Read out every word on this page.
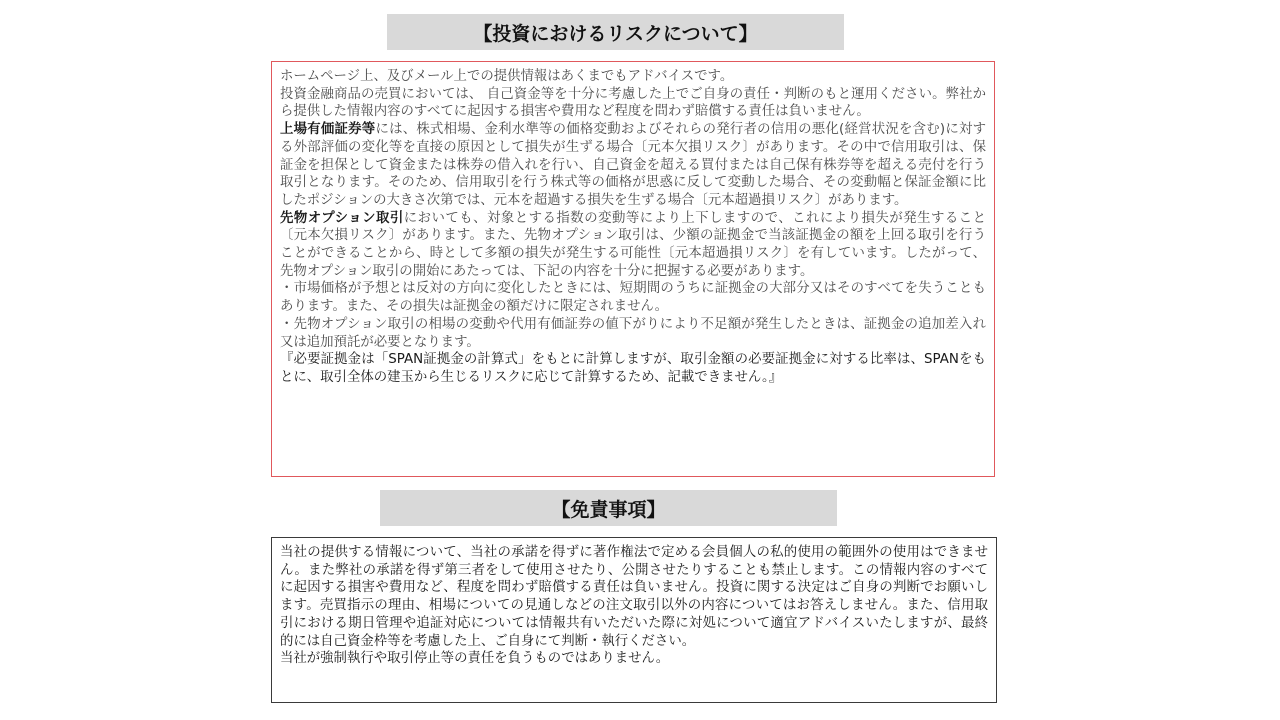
【投資におけるリスクについて】

ホームページ上、及びメール上での提供情報はあくまでもアドバイスです。

投資金融商品の売買においては、 自己資金等を十分に考慮した上でご自身の責任・判断のもと運用ください。弊社から提供した情報内容のすべてに起因する損害や費用など程度を問わず賠償する責任は負いません。

上場有価証券等には、株式相場、金利水準等の価格変動およびそれらの発行者の信用の悪化(経営状況を含む)に対する外部評価の変化等を直接の原因として損失が生ずる場合〔元本欠損リスク〕があります。その中で信用取引は、保証金を担保として資金または株券の借入れを行い、自己資金を超える買付または自己保有株券等を超える売付を行う取引となります。そのため、信用取引を行う株式等の価格が思惑に反して変動した場合、その変動幅と保証金額に比したポジションの大きさ次第では、元本を超過する損失を生ずる場合〔元本超過損リスク〕があります。

先物オプション取引においても、対象とする指数の変動等により上下しますので、これにより損失が発生すること〔元本欠損リスク〕があります。また、先物オプション取引は、少額の証拠金で当該証拠金の額を上回る取引を行うことができることから、時として多額の損失が発生する可能性〔元本超過損リスク〕を有しています。したがって、先物オプション取引の開始にあたっては、下記の内容を十分に把握する必要があります。

・市場価格が予想とは反対の方向に変化したときには、短期間のうちに証拠金の大部分又はそのすべてを失うこともあります。また、その損失は証拠金の額だけに限定されません。

・先物オプション取引の相場の変動や代用有価証券の値下がりにより不足額が発生したときは、証拠金の追加差入れ又は追加預託が必要となります。

『必要証拠金は「SPAN証拠金の計算式」をもとに計算しますが、取引金額の必要証拠金に対する比率は、SPANをもとに、取引全体の建玉から生じるリスクに応じて計算するため、記載できません。』

【免責事項】

当社の提供する情報について、当社の承諾を得ずに著作権法で定める会員個人の私的使用の範囲外の使用はできません。また弊社の承諾を得ず第三者をして使用させたり、公開させたりすることも禁止します。この情報内容のすべてに起因する損害や費用など、程度を問わず賠償する責任は負いません。投資に関する決定はご自身の判断でお願いします。売買指示の理由、相場についての見通しなどの注文取引以外の内容についてはお答えしません。また、信用取引における期日管理や追証対応については情報共有いただいた際に対処について適宜アドバイスいたしますが、最終的には自己資金枠等を考慮した上、ご自身にて判断・執行ください。

当社が強制執行や取引停止等の責任を負うものではありません。
